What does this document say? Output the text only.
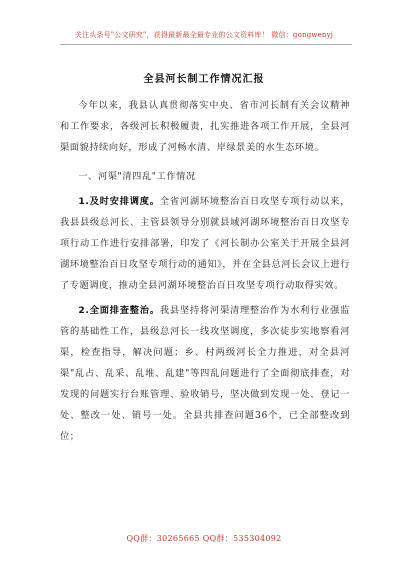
关注头条号"公文研究"，获得最新最全最专业的公文资料库！ 微信：gongwenyj
全县河长制工作情况汇报

今年以来，我县认真贯彻落实中央、省市河长制有关会议精神和工作要求，各级河长积极履责，扎实推进各项工作开展，全县河渠面貌持续向好，形成了河畅水清、岸绿景美的水生态环境。

一、河渠"清四乱"工作情况

1.及时安排调度。全省河湖环境整治百日攻坚专项行动以来，我县县级总河长、主管县领导分别就县域河湖环境整治百日攻坚专项行动工作进行安排部署，印发了《河长制办公室关于开展全县河湖环境整治百日攻坚专项行动的通知》，并在全县总河长会议上进行了专题调度，推动全县河湖环境整治百日攻坚专项行动取得实效。

2.全面排查整治。我县坚持将河渠清理整治作为水利行业强监管的基础性工作，县级总河长一线攻坚调度，多次徒步实地察看河渠，检查指导，解决问题；乡、村两级河长全力推进，对全县河渠"乱占、乱采、乱堆、乱建"等四乱问题进行了全面彻底排查，对发现的问题实行台账管理、验收销号，坚决做到发现一处、登记一处、整改一处、销号一处。全县共排查问题36个，已全部整改到位；

QQ群：30265665 QQ群：535304092
